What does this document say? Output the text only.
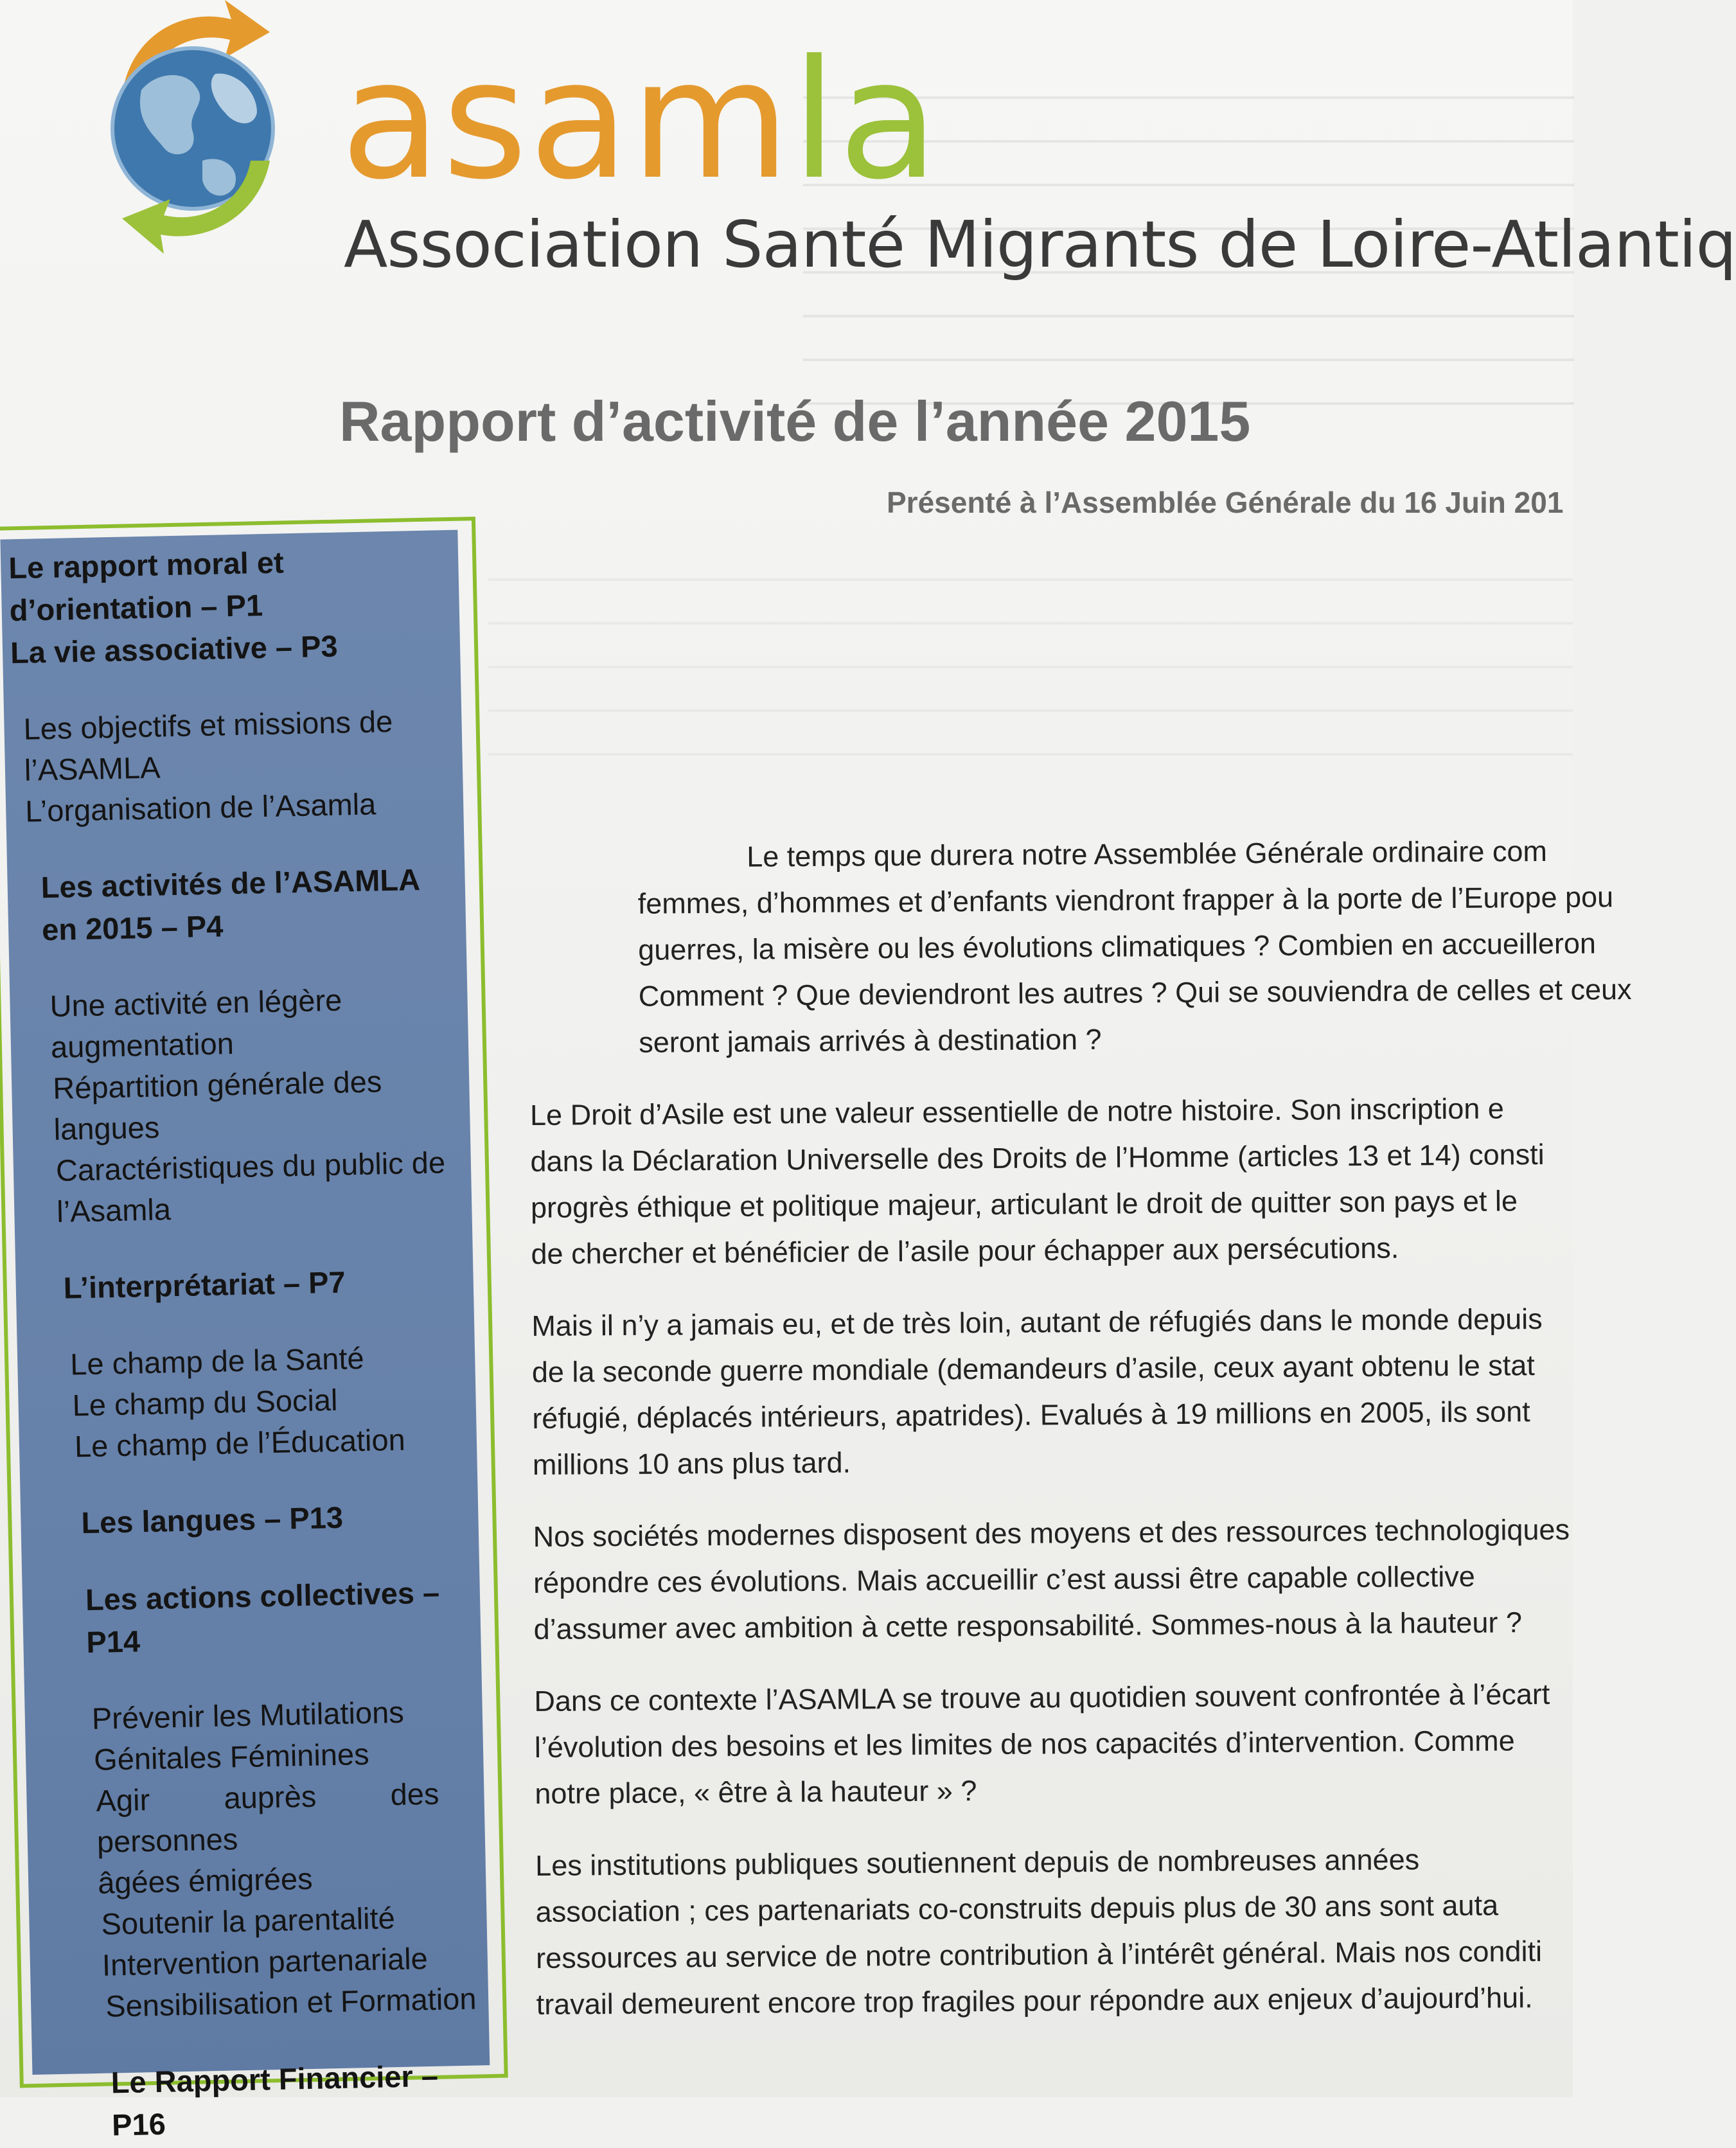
asamla
Association Santé Migrants de Loire-Atlantiq
Rapport d’activité de l’année 2015
Présenté à l’Assemblée Générale du 16 Juin 201
Le rapport moral et
d’orientation – P1
La vie associative – P3
Les objectifs et missions de
l’ASAMLA
L’organisation de l’Asamla
Les activités de l’ASAMLA
en 2015 – P4
Une activité en légère
augmentation
Répartition générale des
langues
Caractéristiques du public de
l’Asamla
L’interprétariat – P7
Le champ de la Santé
Le champ du Social
Le champ de l’Éducation
Les langues – P13
Les actions collectives –P14
Prévenir les Mutilations
Génitales Féminines
Agir auprès des personnes
âgées émigrées
Soutenir la parentalité
Intervention partenariale
Sensibilisation et Formation
Le Rapport Financier – P16

Le temps que durera notre Assemblée Générale ordinaire com
femmes, d’hommes et d’enfants viendront frapper à la porte de l’Europe pou
guerres, la misère ou les évolutions climatiques ? Combien en accueilleron
Comment ? Que deviendront les autres ? Qui se souviendra de celles et ceux
seront jamais arrivés à destination ?

Le Droit d’Asile est une valeur essentielle de notre histoire. Son inscription e
dans la Déclaration Universelle des Droits de l’Homme (articles 13 et 14) consti
progrès éthique et politique majeur, articulant le droit de quitter son pays et le
de chercher et bénéficier de l’asile pour échapper aux persécutions.

Mais il n’y a jamais eu, et de très loin, autant de réfugiés dans le monde depuis
de la seconde guerre mondiale (demandeurs d’asile, ceux ayant obtenu le stat
réfugié, déplacés intérieurs, apatrides). Evalués à 19 millions en 2005, ils sont
millions 10 ans plus tard.

Nos sociétés modernes disposent des moyens et des ressources technologiques
répondre ces évolutions. Mais accueillir c’est aussi être capable collective
d’assumer avec ambition à cette responsabilité. Sommes-nous à la hauteur ?

Dans ce contexte l’ASAMLA se trouve au quotidien souvent confrontée à l’écart
l’évolution des besoins et les limites de nos capacités d’intervention. Comme
notre place, « être à la hauteur » ?

Les institutions publiques soutiennent depuis de nombreuses années
association ; ces partenariats co-construits depuis plus de 30 ans sont auta
ressources au service de notre contribution à l’intérêt général. Mais nos conditi
travail demeurent encore trop fragiles pour répondre aux enjeux d’aujourd’hui.
